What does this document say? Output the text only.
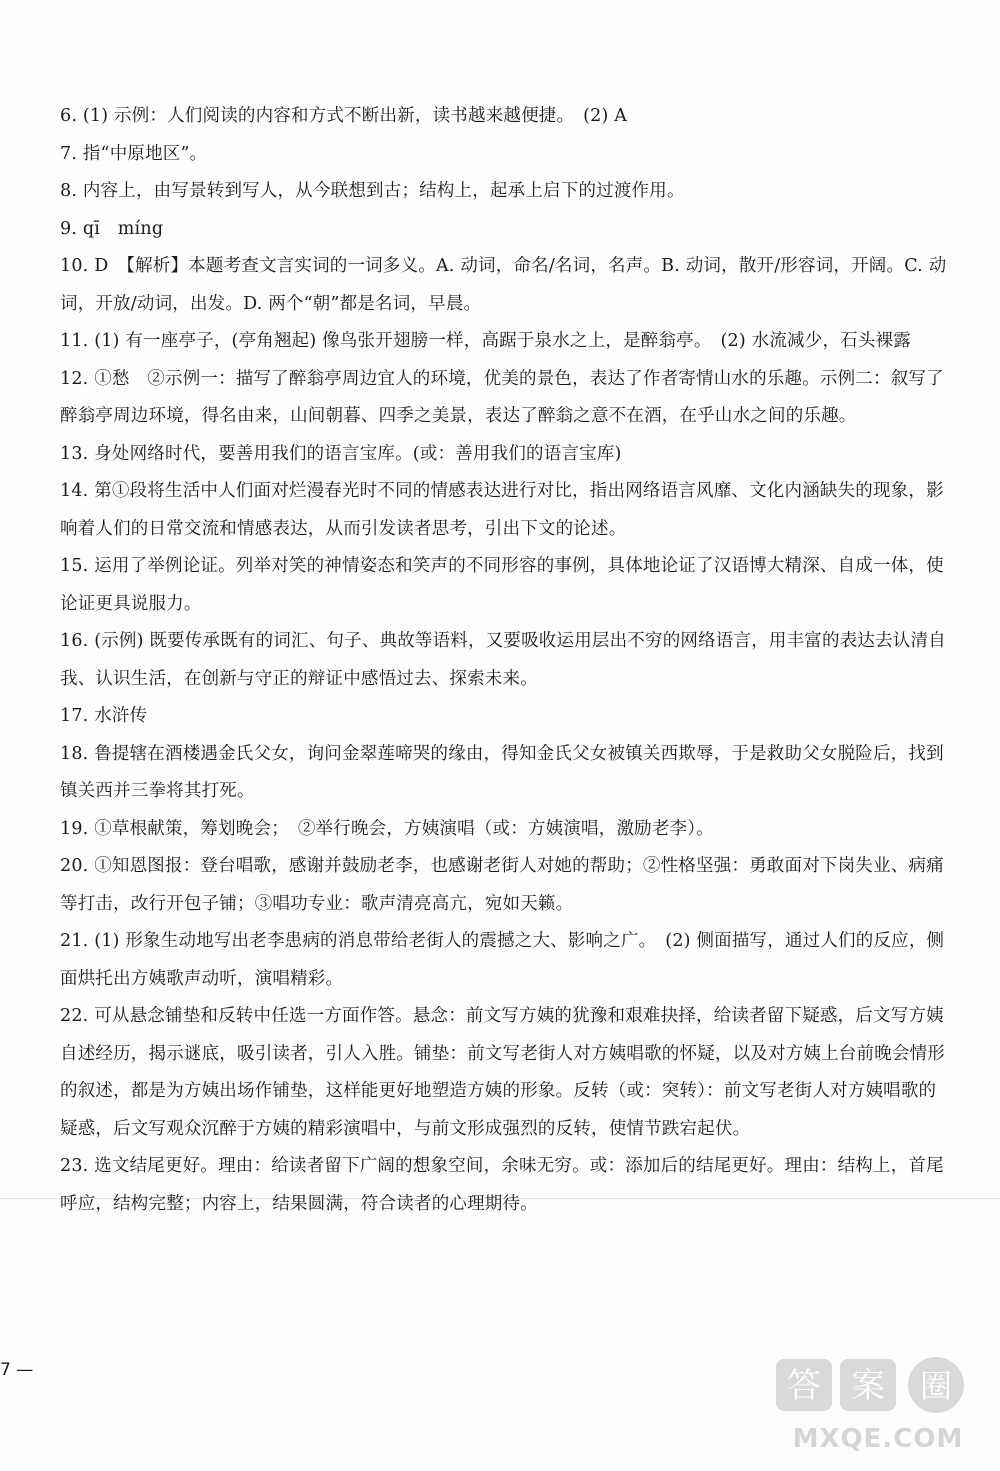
6. (1) 示例：人们阅读的内容和方式不断出新，读书越来越便捷。　(2) A

7. 指“中原地区”。

8. 内容上，由写景转到写人，从今联想到古；结构上，起承上启下的过渡作用。

9. qī　míng

10. D　【解析】本题考查文言实词的一词多义。A. 动词，命名/名词，名声。B. 动词，散开/形容词，开阔。C. 动词，开放/动词，出发。D. 两个“朝”都是名词，早晨。

11. (1) 有一座亭子，(亭角翘起) 像鸟张开翅膀一样，高踞于泉水之上，是醉翁亭。　(2) 水流减少，石头裸露

12. ①愁　②示例一：描写了醉翁亭周边宜人的环境，优美的景色，表达了作者寄情山水的乐趣。示例二：叙写了醉翁亭周边环境，得名由来，山间朝暮、四季之美景，表达了醉翁之意不在酒，在乎山水之间的乐趣。

13. 身处网络时代，要善用我们的语言宝库。(或：善用我们的语言宝库)

14. 第①段将生活中人们面对烂漫春光时不同的情感表达进行对比，指出网络语言风靡、文化内涵缺失的现象，影响着人们的日常交流和情感表达，从而引发读者思考，引出下文的论述。

15. 运用了举例论证。列举对笑的神情姿态和笑声的不同形容的事例，具体地论证了汉语博大精深、自成一体，使论证更具说服力。

16. (示例) 既要传承既有的词汇、句子、典故等语料，又要吸收运用层出不穷的网络语言，用丰富的表达去认清自我、认识生活，在创新与守正的辩证中感悟过去、探索未来。

17. 水浒传

18. 鲁提辖在酒楼遇金氏父女，询问金翠莲啼哭的缘由，得知金氏父女被镇关西欺辱，于是救助父女脱险后，找到镇关西并三拳将其打死。

19. ①草根献策，筹划晚会；　②举行晚会，方姨演唱（或：方姨演唱，激励老李）。

20. ①知恩图报：登台唱歌，感谢并鼓励老李，也感谢老街人对她的帮助；②性格坚强：勇敢面对下岗失业、病痛等打击，改行开包子铺；③唱功专业：歌声清亮高亢，宛如天籁。

21. (1) 形象生动地写出老李患病的消息带给老街人的震撼之大、影响之广。　(2) 侧面描写，通过人们的反应，侧面烘托出方姨歌声动听，演唱精彩。

22. 可从悬念铺垫和反转中任选一方面作答。悬念：前文写方姨的犹豫和艰难抉择，给读者留下疑惑，后文写方姨自述经历，揭示谜底，吸引读者，引人入胜。铺垫：前文写老街人对方姨唱歌的怀疑，以及对方姨上台前晚会情形的叙述，都是为方姨出场作铺垫，这样能更好地塑造方姨的形象。反转（或：突转）：前文写老街人对方姨唱歌的疑惑，后文写观众沉醉于方姨的精彩演唱中，与前文形成强烈的反转，使情节跌宕起伏。

23. 选文结尾更好。理由：给读者留下广阔的想象空间，余味无穷。或：添加后的结尾更好。理由：结构上，首尾呼应，结构完整；内容上，结果圆满，符合读者的心理期待。

7 —	答 案 圈
MXQE.COM
